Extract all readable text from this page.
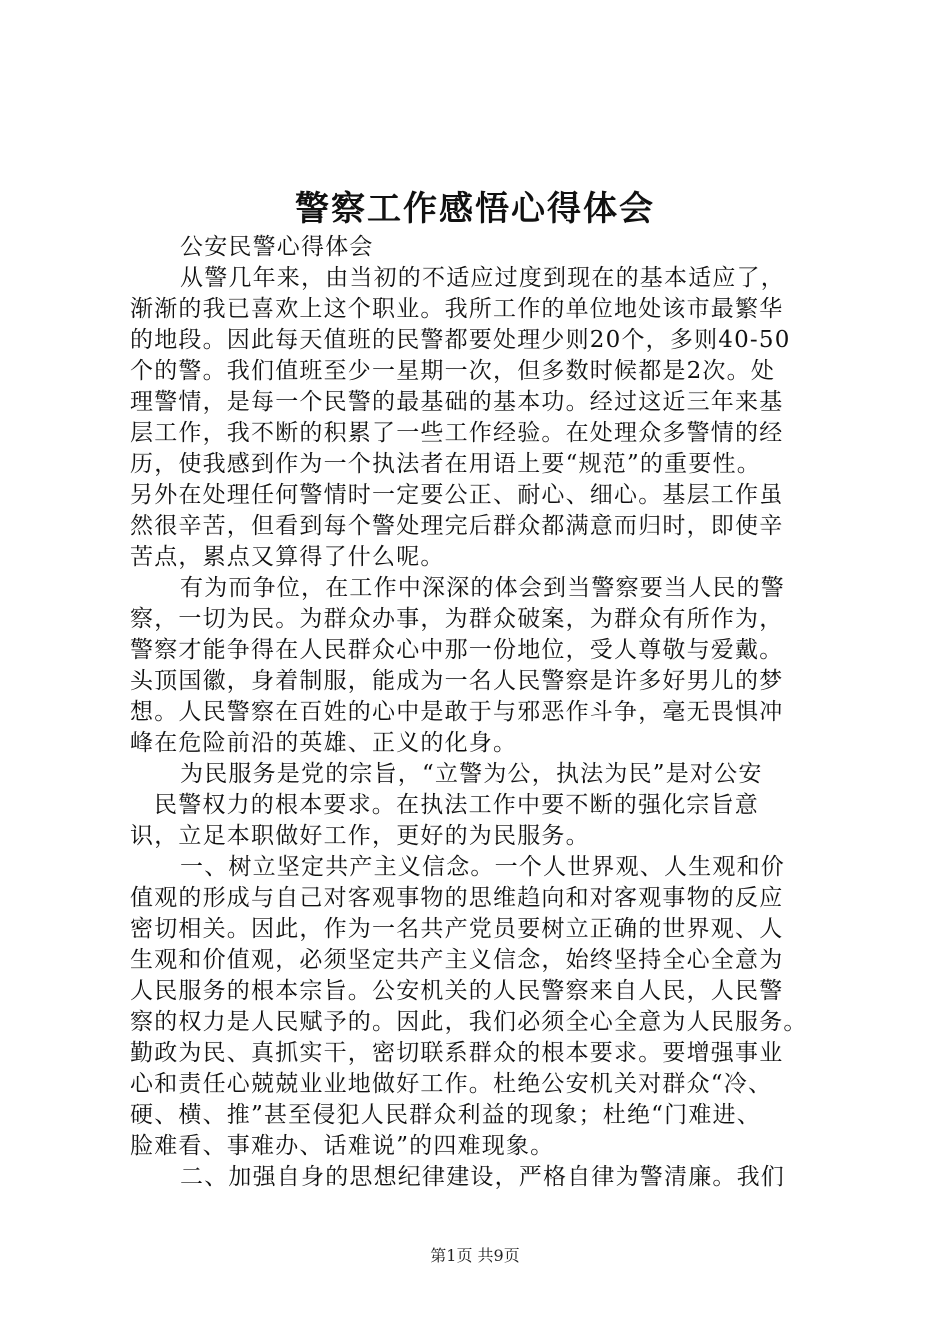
警察工作感悟心得体会
公安民警心得体会
从警几年来，由当初的不适应过度到现在的基本适应了，
渐渐的我已喜欢上这个职业。我所工作的单位地处该市最繁华
的地段。因此每天值班的民警都要处理少则20个，多则40-50
个的警。我们值班至少一星期一次，但多数时候都是2次。处
理警情，是每一个民警的最基础的基本功。经过这近三年来基
层工作，我不断的积累了一些工作经验。在处理众多警情的经
历，使我感到作为一个执法者在用语上要“规范”的重要性。
另外在处理任何警情时一定要公正、耐心、细心。基层工作虽
然很辛苦，但看到每个警处理完后群众都满意而归时，即使辛
苦点，累点又算得了什么呢。
有为而争位，在工作中深深的体会到当警察要当人民的警
察，一切为民。为群众办事，为群众破案，为群众有所作为，
警察才能争得在人民群众心中那一份地位，受人尊敬与爱戴。
头顶国徽，身着制服，能成为一名人民警察是许多好男儿的梦
想。人民警察在百姓的心中是敢于与邪恶作斗争，毫无畏惧冲
峰在危险前沿的英雄、正义的化身。
为民服务是党的宗旨，“立警为公，执法为民”是对公安
民警权力的根本要求。在执法工作中要不断的强化宗旨意
识，立足本职做好工作，更好的为民服务。
一、树立坚定共产主义信念。一个人世界观、人生观和价
值观的形成与自己对客观事物的思维趋向和对客观事物的反应
密切相关。因此，作为一名共产党员要树立正确的世界观、人
生观和价值观，必须坚定共产主义信念，始终坚持全心全意为
人民服务的根本宗旨。公安机关的人民警察来自人民，人民警
察的权力是人民赋予的。因此，我们必须全心全意为人民服务。
勤政为民、真抓实干，密切联系群众的根本要求。要增强事业
心和责任心兢兢业业地做好工作。杜绝公安机关对群众“冷、
硬、横、推”甚至侵犯人民群众利益的现象；杜绝“门难进、
脸难看、事难办、话难说”的四难现象。
二、加强自身的思想纪律建设，严格自律为警清廉。我们
第1页 共9页
